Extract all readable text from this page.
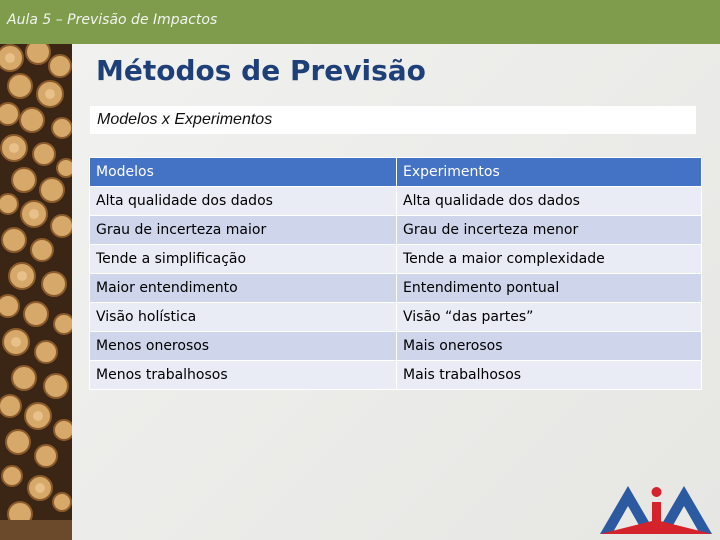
Aula 5 – Previsão de Impactos
Métodos de Previsão
Modelos x Experimentos
Modelos	Experimentos
Alta qualidade dos dados	Alta qualidade dos dados
Grau de incerteza maior	Grau de incerteza menor
Tende a simplificação	Tende a maior complexidade
Maior entendimento	Entendimento pontual
Visão holística	Visão “das partes”
Menos onerosos	Mais onerosos
Menos trabalhosos	Mais trabalhosos
